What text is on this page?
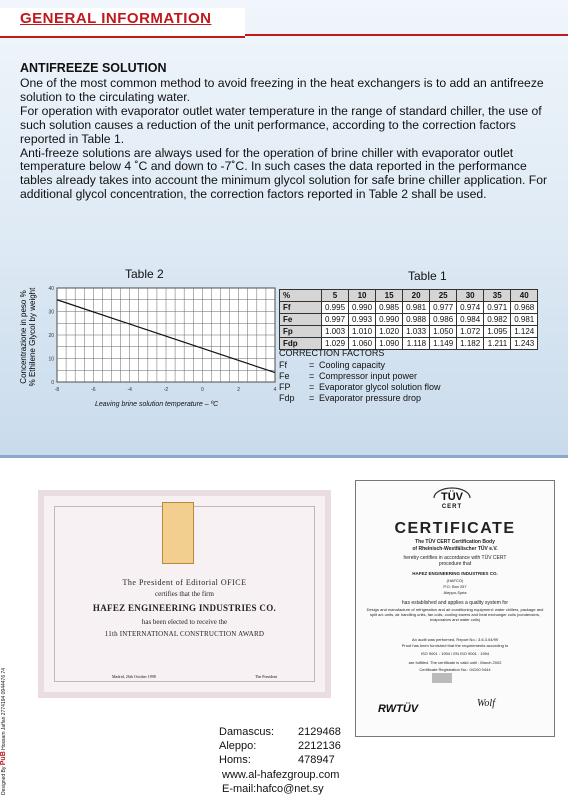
GENERAL INFORMATION
ANTIFREEZE SOLUTION

One of the most common method to avoid freezing in the heat exchangers is to add an antifreeze solution to the circulating water.

For operation with evaporator outlet water temperature in the range of standard chiller, the use of such solution causes a reduction of the unit performance, according to the correction factors reported in Table 1.

Anti-freeze solutions are always used for the operation of brine chiller with evaporator outlet temperature below 4 ˚C and down to -7˚C. In such cases the data reported in the performance tables already takes into account the minimum glycol solution for safe brine chiller application. For additional glycol concentration, the correction factors reported in Table 2 shall be used.

Table 2
Concentrazione in peso % % Ethilene Glycol by weight
-8	-6	-4	-2	0	2	4
0
10
20
30
40
Leaving brine solution temperature – ºC
Table 1
%	5	10	15	20	25	30	35	40
Ff	0.995	0.990	0.985	0.981	0.977	0.974	0.971	0.968
Fe	0.997	0.993	0.990	0.988	0.986	0.984	0.982	0.981
Fp	1.003	1.010	1.020	1.033	1.050	1.072	1.095	1.124
Fdp	1.029	1.060	1.090	1.118	1.149	1.182	1.211	1.243
CORRECTION FACTORS
Ff	= Cooling capacity
Fe	= Compressor input power
FP	= Evaporator glycol solution flow
Fdp	= Evaporator pressure drop
The President of Editorial OFICE
certifies that the firm
HAFEZ ENGINEERING INDUSTRIES CO.
has been elected to receive the
11th INTERNATIONAL CONSTRUCTION AWARD
Madrid, 26th October 1998	The President
TÜV
CERT
CERTIFICATE
The TÜV CERT Certification Body
of Rheinisch-Westfälischer TÜV e.V.
hereby certifies in accordance with TÜV CERT
procedure that
HAFEZ ENGINEERING INDUSTRIES CO.
(HAFCO)
P.O. Box 257
Aleppo-Syria
has established and applies a quality system for
Design and manufacture of refrigeration and air conditioning equipment: water chillers, package and split a/c units, air handling units, fan coils, cooling towers and heat exchanger coils (condensers, evaporators and water coils)
An audit was performed, Report No.: 3.6.3.04/99
Proof has been furnished that the requirements according to
ISO 9001 : 1994 / EN ISO 9001 : 1994
are fulfilled. The certificate is valid until : March 2002
Certificate Registration No.: 04100 0444
RWTÜV	Wolf
Damascus:	2129468
Aleppo:	2212136
Homs:	478947
www.al-hafezgroup.com
E-mail:hafco@net.sy
Designed By PuB Hossam Jaffan 2774194 0944476 74
